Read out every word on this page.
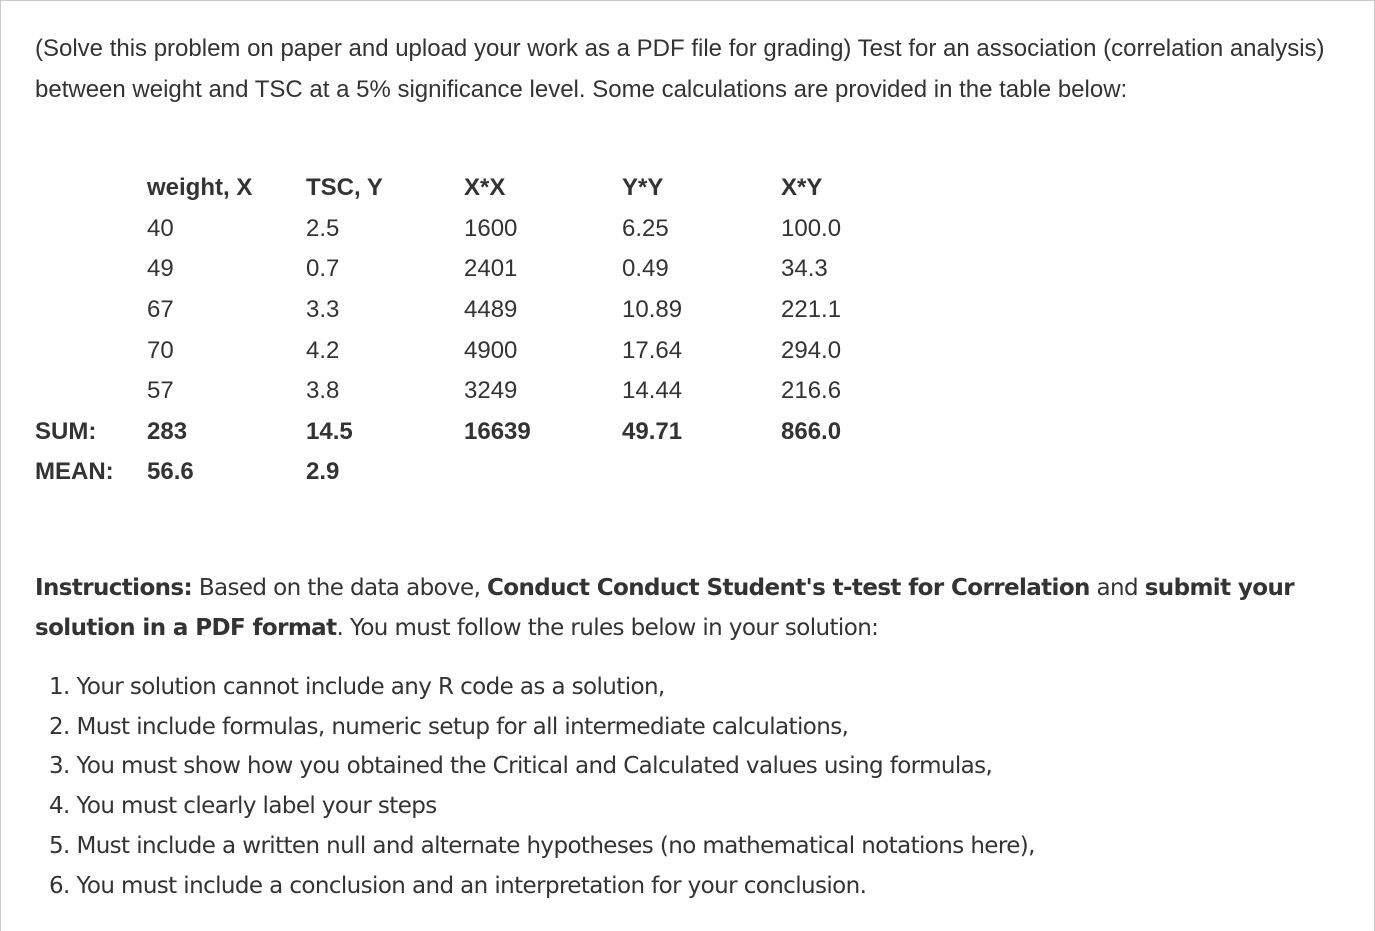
(Solve this problem on paper and upload your work as a PDF file for grading) Test for an association (correlation analysis) between weight and TSC at a 5% significance level. Some calculations are provided in the table below:

	weight, X	TSC, Y	X*X	Y*Y	X*Y
	40	2.5	1600	6.25	100.0
	49	0.7	2401	0.49	34.3
	67	3.3	4489	10.89	221.1
	70	4.2	4900	17.64	294.0
	57	3.8	3249	14.44	216.6
SUM:	283	14.5	16639	49.71	866.0
MEAN:	56.6	2.9			

Instructions: Based on the data above, Conduct Conduct Student's t-test for Correlation and submit your solution in a PDF format. You must follow the rules below in your solution:

1. Your solution cannot include any R code as a solution,
2. Must include formulas, numeric setup for all intermediate calculations,
3. You must show how you obtained the Critical and Calculated values using formulas,
4. You must clearly label your steps
5. Must include a written null and alternate hypotheses (no mathematical notations here),
6. You must include a conclusion and an interpretation for your conclusion.
